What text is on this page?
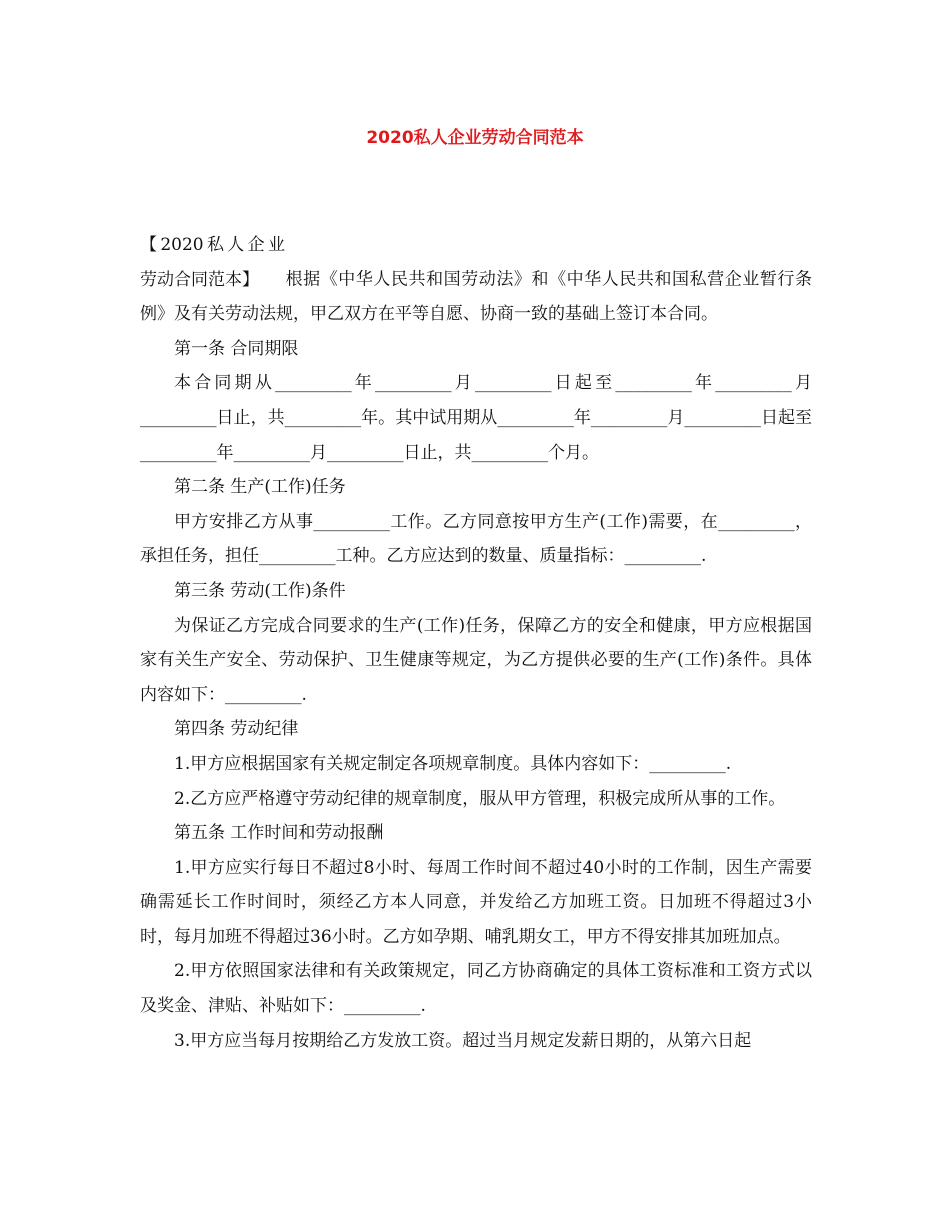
2020私人企业劳动合同范本

【2020私人企业劳动合同范本】 根据《中华人民共和国劳动法》和《中华人民共和国私营企业暂行条例》及有关劳动法规，甲乙双方在平等自愿、协商一致的基础上签订本合同。

第一条 合同期限

本合同期从_________年_________月_________日起至_________年_________月_________日止，共_________年。其中试用期从_________年_________月_________日起至_________年_________月_________日止，共_________个月。

第二条 生产(工作)任务

甲方安排乙方从事_________工作。乙方同意按甲方生产(工作)需要，在_________，承担任务，担任_________工种。乙方应达到的数量、质量指标：_________.

第三条 劳动(工作)条件

为保证乙方完成合同要求的生产(工作)任务，保障乙方的安全和健康，甲方应根据国家有关生产安全、劳动保护、卫生健康等规定，为乙方提供必要的生产(工作)条件。具体内容如下：_________.

第四条 劳动纪律

1.甲方应根据国家有关规定制定各项规章制度。具体内容如下：_________.

2.乙方应严格遵守劳动纪律的规章制度，服从甲方管理，积极完成所从事的工作。

第五条 工作时间和劳动报酬

1.甲方应实行每日不超过8小时、每周工作时间不超过40小时的工作制，因生产需要确需延长工作时间时，须经乙方本人同意，并发给乙方加班工资。日加班不得超过3小时，每月加班不得超过36小时。乙方如孕期、哺乳期女工，甲方不得安排其加班加点。

2.甲方依照国家法律和有关政策规定，同乙方协商确定的具体工资标准和工资方式以及奖金、津贴、补贴如下：_________.

3.甲方应当每月按期给乙方发放工资。超过当月规定发薪日期的，从第六日起
